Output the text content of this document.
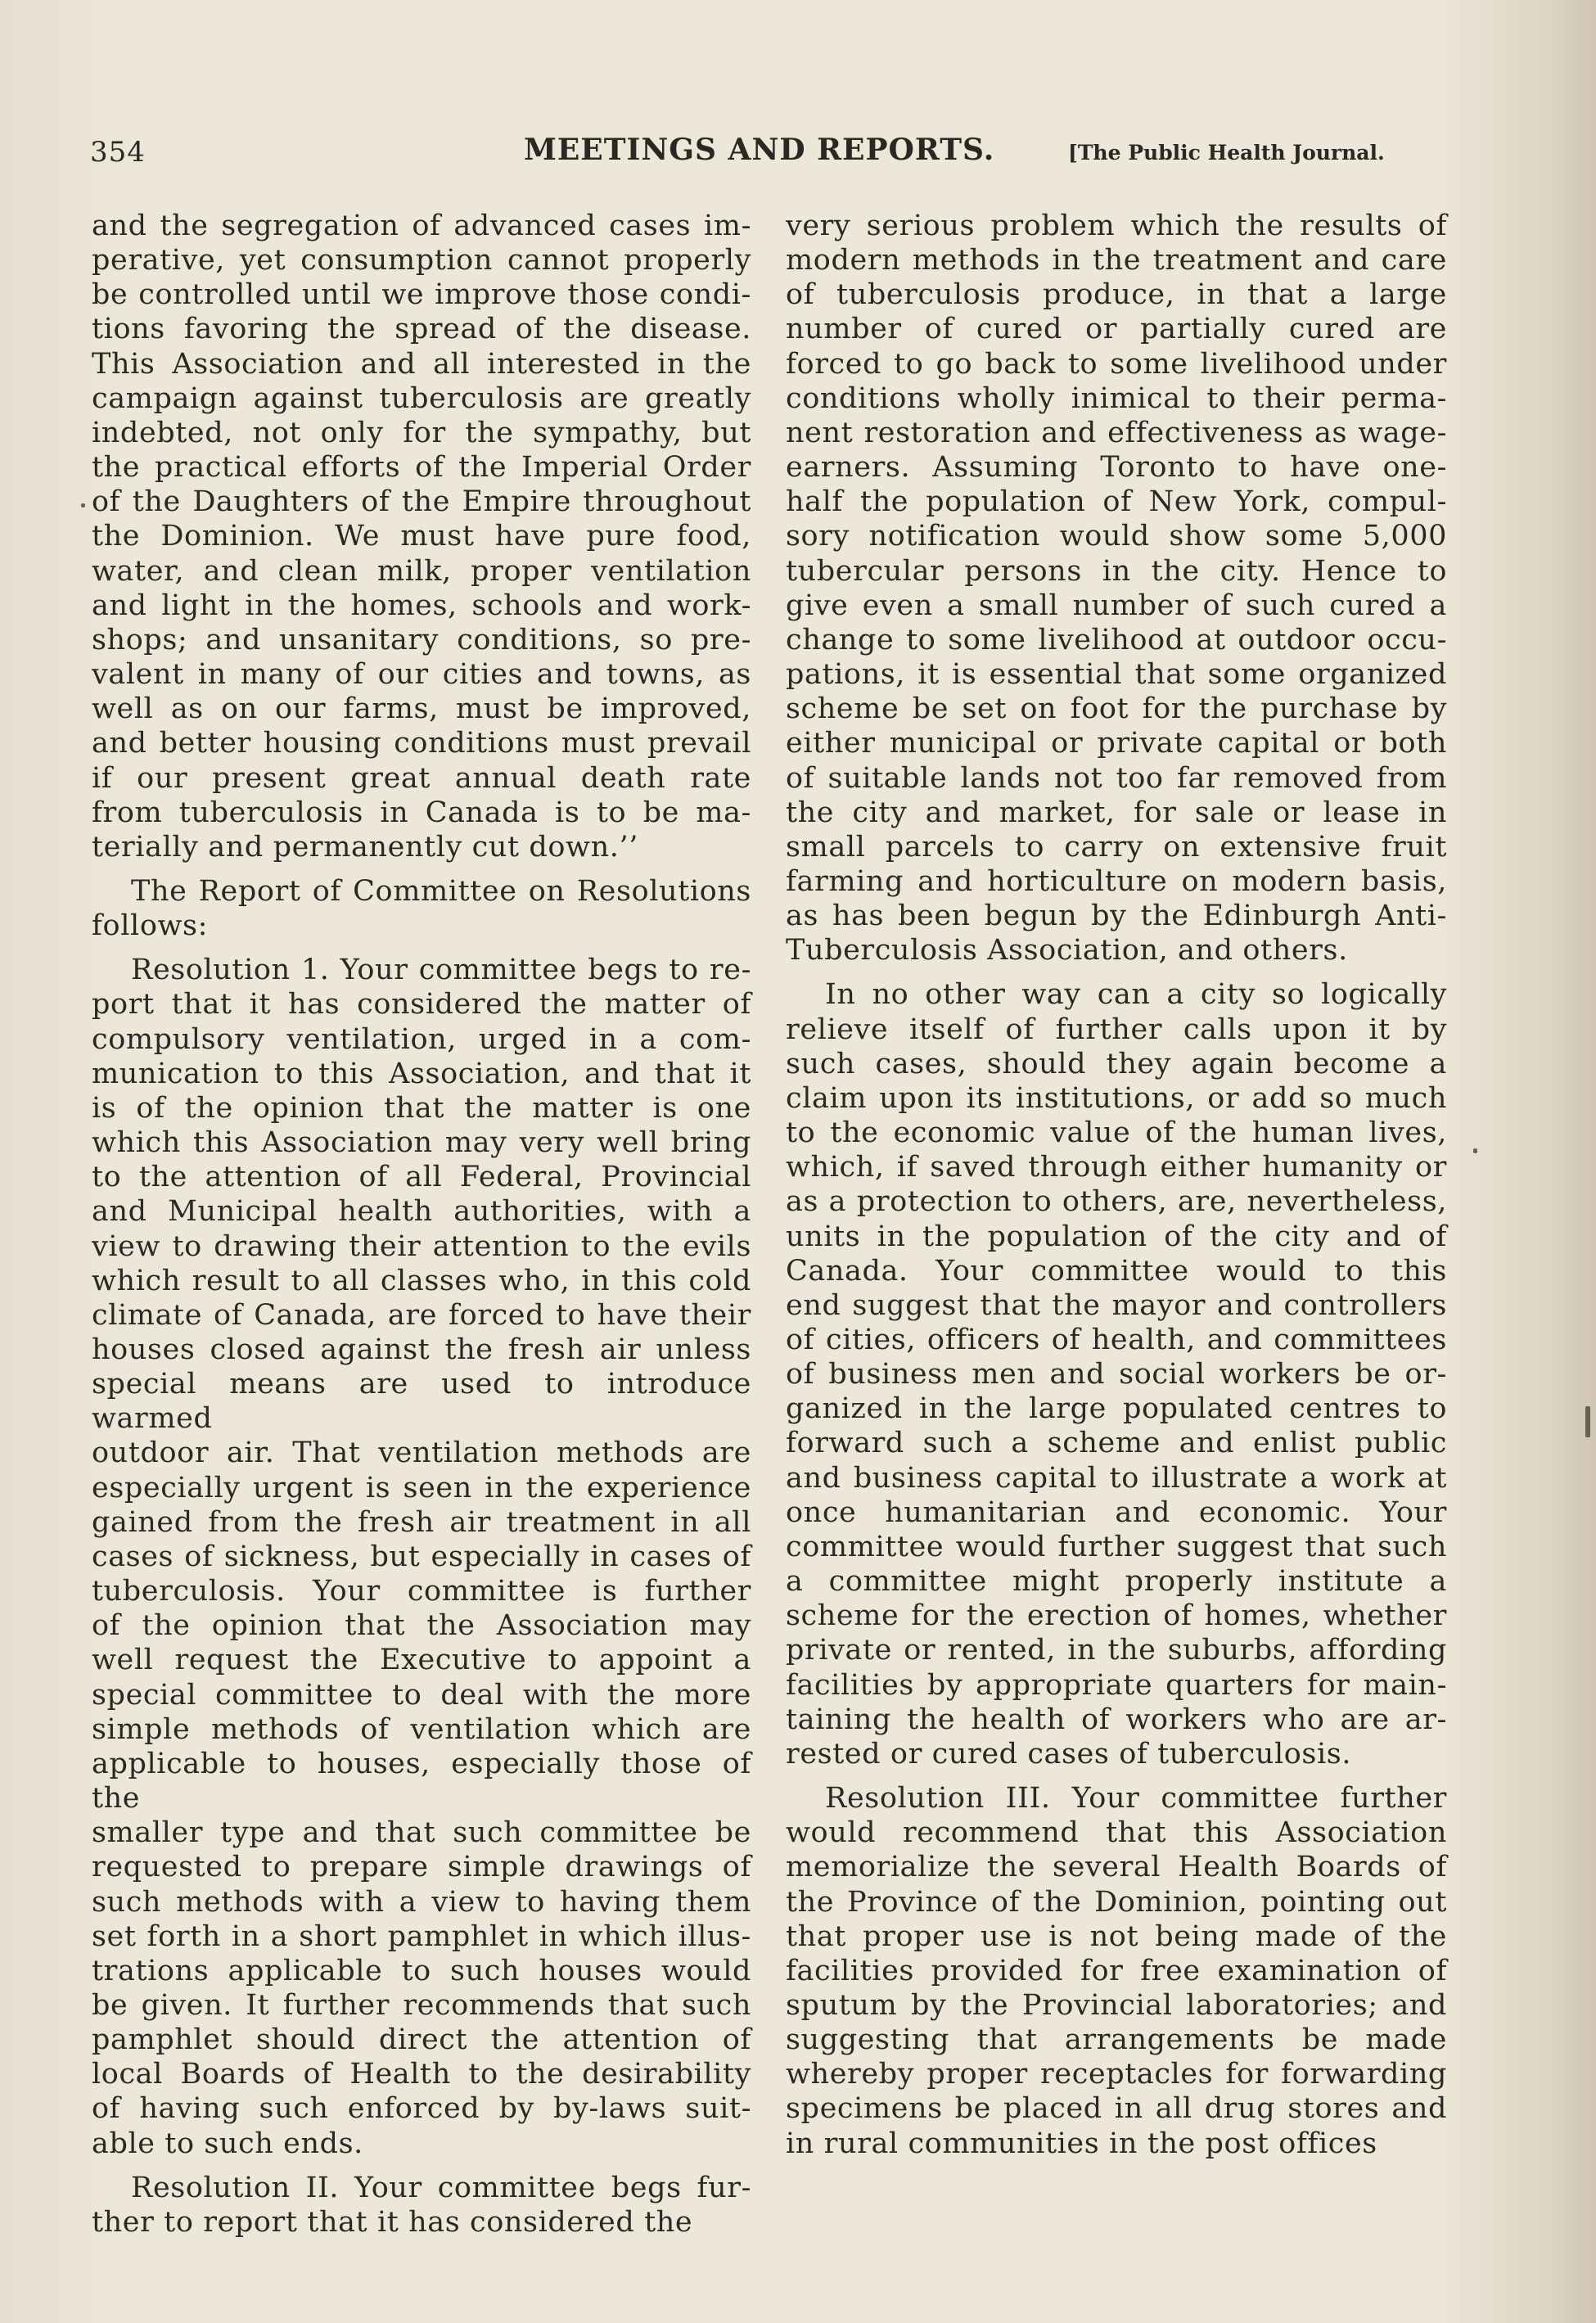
354	MEETINGS AND REPORTS.	[The Public Health Journal.

and the segregation of advanced cases im-

perative, yet consumption cannot properly

be controlled until we improve those condi-

tions favoring the spread of the disease.

This Association and all interested in the

campaign against tuberculosis are greatly

indebted, not only for the sympathy, but

the practical efforts of the Imperial Order

of the Daughters of the Empire throughout

the Dominion. We must have pure food,

water, and clean milk, proper ventilation

and light in the homes, schools and work-

shops; and unsanitary conditions, so pre-

valent in many of our cities and towns, as

well as on our farms, must be improved,

and better housing conditions must prevail

if our present great annual death rate

from tuberculosis in Canada is to be ma-

terially and permanently cut down.’’

The Report of Committee on Resolutions

follows:

Resolution 1. Your committee begs to re-

port that it has considered the matter of

compulsory ventilation, urged in a com-

munication to this Association, and that it

is of the opinion that the matter is one

which this Association may very well bring

to the attention of all Federal, Provincial

and Municipal health authorities, with a

view to drawing their attention to the evils

which result to all classes who, in this cold

climate of Canada, are forced to have their

houses closed against the fresh air unless

special means are used to introduce warmed

outdoor air. That ventilation methods are

especially urgent is seen in the experience

gained from the fresh air treatment in all

cases of sickness, but especially in cases of

tuberculosis. Your committee is further

of the opinion that the Association may

well request the Executive to appoint a

special committee to deal with the more

simple methods of ventilation which are

applicable to houses, especially those of the

smaller type and that such committee be

requested to prepare simple drawings of

such methods with a view to having them

set forth in a short pamphlet in which illus-

trations applicable to such houses would

be given. It further recommends that such

pamphlet should direct the attention of

local Boards of Health to the desirability

of having such enforced by by-laws suit-

able to such ends.

Resolution II. Your committee begs fur-

ther to report that it has considered the

very serious problem which the results of

modern methods in the treatment and care

of tuberculosis produce, in that a large

number of cured or partially cured are

forced to go back to some livelihood under

conditions wholly inimical to their perma-

nent restoration and effectiveness as wage-

earners. Assuming Toronto to have one-

half the population of New York, compul-

sory notification would show some 5,000

tubercular persons in the city. Hence to

give even a small number of such cured a

change to some livelihood at outdoor occu-

pations, it is essential that some organized

scheme be set on foot for the purchase by

either municipal or private capital or both

of suitable lands not too far removed from

the city and market, for sale or lease in

small parcels to carry on extensive fruit

farming and horticulture on modern basis,

as has been begun by the Edinburgh Anti-

Tuberculosis Association, and others.

In no other way can a city so logically

relieve itself of further calls upon it by

such cases, should they again become a

claim upon its institutions, or add so much

to the economic value of the human lives,

which, if saved through either humanity or

as a protection to others, are, nevertheless,

units in the population of the city and of

Canada. Your committee would to this

end suggest that the mayor and controllers

of cities, officers of health, and committees

of business men and social workers be or-

ganized in the large populated centres to

forward such a scheme and enlist public

and business capital to illustrate a work at

once humanitarian and economic. Your

committee would further suggest that such

a committee might properly institute a

scheme for the erection of homes, whether

private or rented, in the suburbs, affording

facilities by appropriate quarters for main-

taining the health of workers who are ar-

rested or cured cases of tuberculosis.

Resolution III. Your committee further

would recommend that this Association

memorialize the several Health Boards of

the Province of the Dominion, pointing out

that proper use is not being made of the

facilities provided for free examination of

sputum by the Provincial laboratories; and

suggesting that arrangements be made

whereby proper receptacles for forwarding

specimens be placed in all drug stores and

in rural communities in the post offices
